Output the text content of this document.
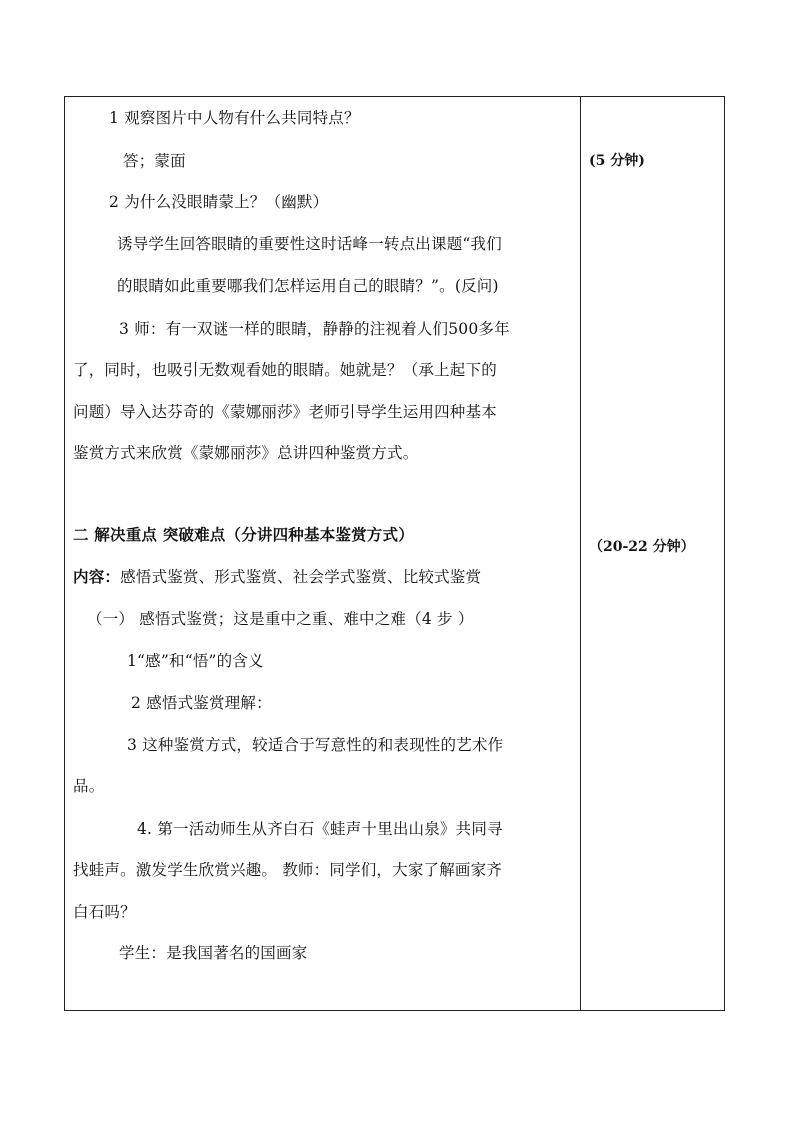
1 观察图片中人物有什么共同特点？
答；蒙面
2 为什么没眼睛蒙上？（幽默）
诱导学生回答眼睛的重要性这时话峰一转点出课题“我们
的眼睛如此重要哪我们怎样运用自己的眼睛？”。(反问)
3 师：有一双谜一样的眼睛，静静的注视着人们500多年
了，同时，也吸引无数观看她的眼睛。她就是？（承上起下的
问题）导入达芬奇的《蒙娜丽莎》老师引导学生运用四种基本
鉴赏方式来欣赏《蒙娜丽莎》总讲四种鉴赏方式。
二 解决重点 突破难点（分讲四种基本鉴赏方式）
内容：感悟式鉴赏、形式鉴赏、社会学式鉴赏、比较式鉴赏
（一） 感悟式鉴赏；这是重中之重、难中之难（4 步 ）
1“感”和“悟”的含义
2 感悟式鉴赏理解：
3 这种鉴赏方式，较适合于写意性的和表现性的艺术作
品。
4. 第一活动师生从齐白石《蛙声十里出山泉》共同寻
找蛙声。激发学生欣赏兴趣。 教师：同学们，大家了解画家齐
白石吗？
学生：是我国著名的国画家
(5 分钟)
（20-22 分钟）
